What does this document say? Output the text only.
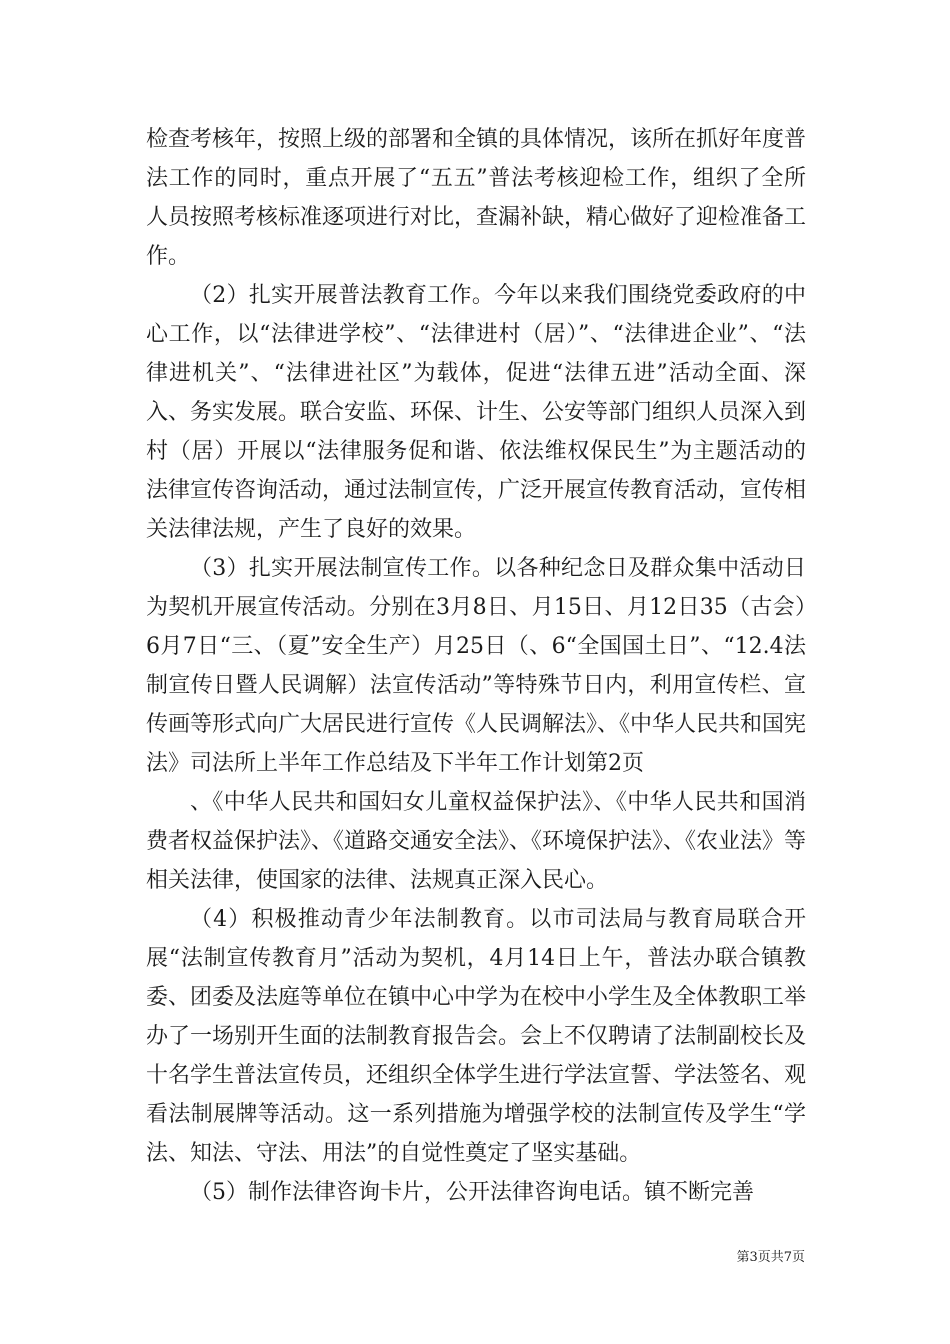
检查考核年，按照上级的部署和全镇的具体情况，该所在抓好年度普法工作的同时，重点开展了“五五”普法考核迎检工作，组织了全所人员按照考核标准逐项进行对比，查漏补缺，精心做好了迎检准备工作。

（2）扎实开展普法教育工作。今年以来我们围绕党委政府的中心工作，以“法律进学校”、“法律进村（居）”、“法律进企业”、“法律进机关”、“法律进社区”为载体，促进“法律五进”活动全面、深入、务实发展。联合安监、环保、计生、公安等部门组织人员深入到村（居）开展以“法律服务促和谐、依法维权保民生”为主题活动的法律宣传咨询活动，通过法制宣传，广泛开展宣传教育活动，宣传相关法律法规，产生了良好的效果。

（3）扎实开展法制宣传工作。以各种纪念日及群众集中活动日为契机开展宣传活动。分别在3月8日、月15日、月12日35（古会）6月7日“三、（夏”安全生产）月25日（、6“全国国土日”、“12.4法制宣传日暨人民调解）法宣传活动”等特殊节日内，利用宣传栏、宣传画等形式向广大居民进行宣传《人民调解法》、《中华人民共和国宪法》司法所上半年工作总结及下半年工作计划第2页

、《中华人民共和国妇女儿童权益保护法》、《中华人民共和国消费者权益保护法》、《道路交通安全法》、《环境保护法》、《农业法》等相关法律，使国家的法律、法规真正深入民心。

（4）积极推动青少年法制教育。以市司法局与教育局联合开展“法制宣传教育月”活动为契机，4月14日上午，普法办联合镇教委、团委及法庭等单位在镇中心中学为在校中小学生及全体教职工举办了一场别开生面的法制教育报告会。会上不仅聘请了法制副校长及十名学生普法宣传员，还组织全体学生进行学法宣誓、学法签名、观看法制展牌等活动。这一系列措施为增强学校的法制宣传及学生“学法、知法、守法、用法”的自觉性奠定了坚实基础。

（5）制作法律咨询卡片，公开法律咨询电话。镇不断完善

第3页共7页
